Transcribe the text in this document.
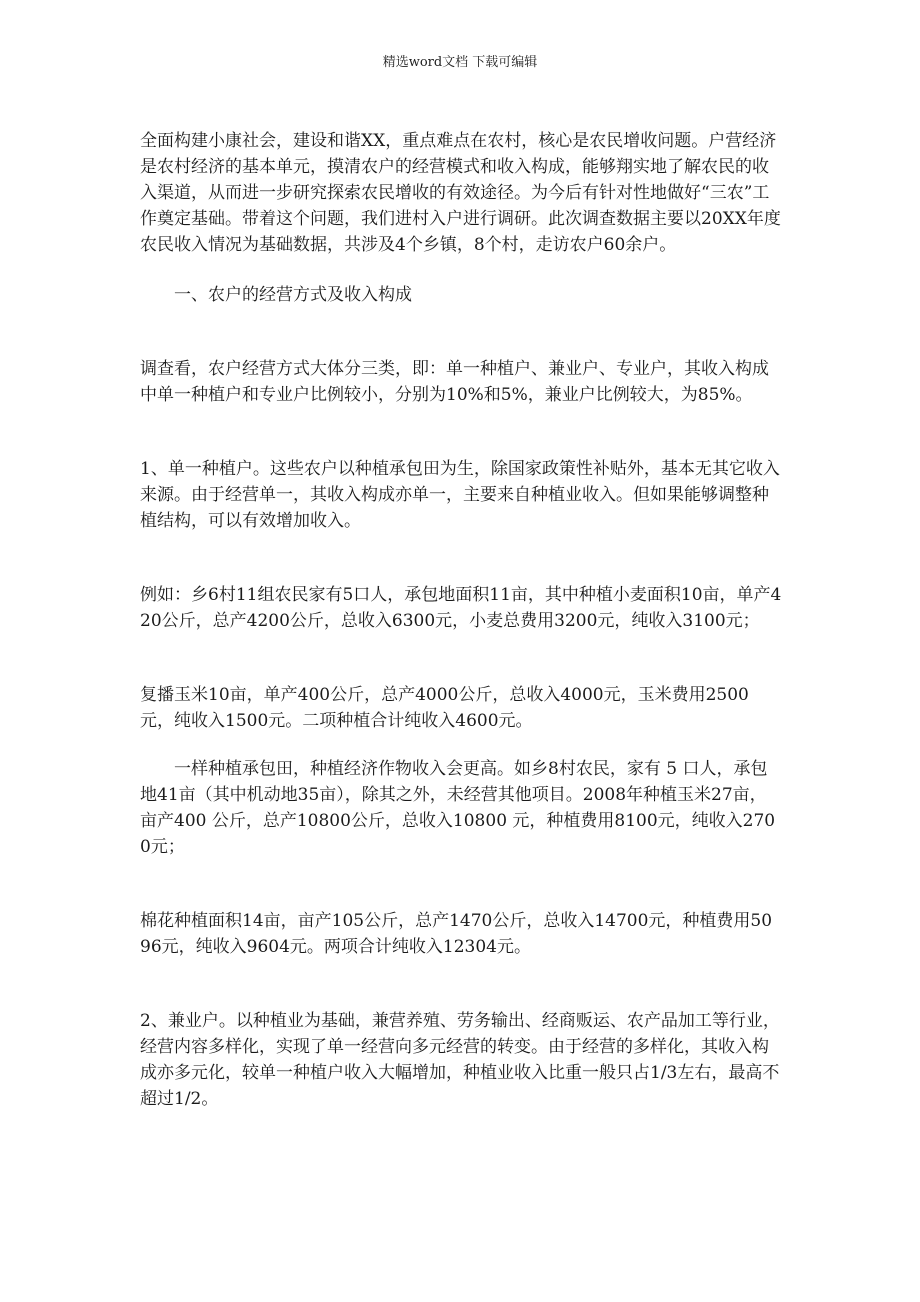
精选word文档 下载可编辑

全面构建小康社会，建设和谐XX，重点难点在农村，核心是农民增收问题。户营经济是农村经济的基本单元，摸清农户的经营模式和收入构成，能够翔实地了解农民的收入渠道，从而进一步研究探索农民增收的有效途径。为今后有针对性地做好“三农”工作奠定基础。带着这个问题，我们进村入户进行调研。此次调查数据主要以20XX年度农民收入情况为基础数据，共涉及4个乡镇，8个村，走访农户60余户。

一、农户的经营方式及收入构成

调查看，农户经营方式大体分三类，即：单一种植户、兼业户、专业户，其收入构成中单一种植户和专业户比例较小，分别为10%和5%，兼业户比例较大，为85%。

1、单一种植户。这些农户以种植承包田为生，除国家政策性补贴外，基本无其它收入来源。由于经营单一，其收入构成亦单一，主要来自种植业收入。但如果能够调整种植结构，可以有效增加收入。

例如：乡6村11组农民家有5口人，承包地面积11亩，其中种植小麦面积10亩，单产420公斤，总产4200公斤，总收入6300元，小麦总费用3200元，纯收入3100元；

复播玉米10亩，单产400公斤，总产4000公斤，总收入4000元，玉米费用2500元，纯收入1500元。二项种植合计纯收入4600元。

一样种植承包田，种植经济作物收入会更高。如乡8村农民，家有 5 口人，承包地41亩（其中机动地35亩），除其之外，未经营其他项目。2008年种植玉米27亩，亩产400 公斤，总产10800公斤，总收入10800 元，种植费用8100元，纯收入2700元；

棉花种植面积14亩，亩产105公斤，总产1470公斤，总收入14700元，种植费用5096元，纯收入9604元。两项合计纯收入12304元。

2、兼业户。以种植业为基础，兼营养殖、劳务输出、经商贩运、农产品加工等行业，经营内容多样化，实现了单一经营向多元经营的转变。由于经营的多样化，其收入构成亦多元化，较单一种植户收入大幅增加，种植业收入比重一般只占1/3左右，最高不超过1/2。
